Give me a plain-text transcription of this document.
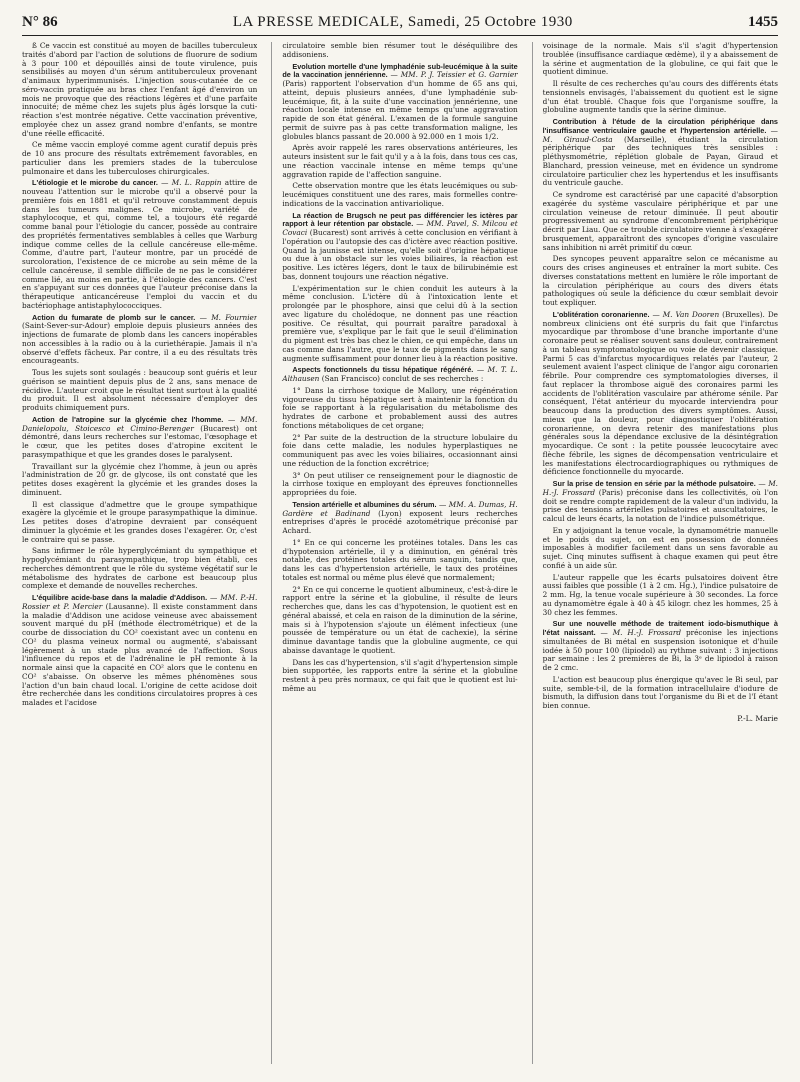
N° 86	LA PRESSE MEDICALE, Samedi, 25 Octobre 1930	1455

ß Ce vaccin est constitué au moyen de bacilles tuberculeux traités d'abord par l'action de solutions de fluorure de sodium à 3 pour 100 et dépouillés ainsi de toute virulence, puis sensibilisés au moyen d'un sérum antituberculeux provenant d'animaux hyperimmunisés. L'injection sous-cutanée de ce séro-vaccin pratiquée au bras chez l'enfant âgé d'environ un mois ne provoque que des réactions légères et d'une parfaite innocuité; de même chez les sujets plus âgés lorsque la cuti-réaction s'est montrée négative. Cette vaccination préventive, employée chez un assez grand nombre d'enfants, se montre d'une réelle efficacité.

Ce même vaccin employé comme agent curatif depuis près de 10 ans procure des résultats extrêmement favorables, en particulier dans les premiers stades de la tuberculose pulmonaire et dans les tuberculoses chirurgicales.

L'étiologie et le microbe du cancer. — M. L. Rappin attire de nouveau l'attention sur le microbe qu'il a observé pour la première fois en 1881 et qu'il retrouve constamment depuis dans les tumeurs malignes. Ce microbe, variété de staphylocoque, et qui, comme tel, a toujours été regardé comme banal pour l'étiologie du cancer, possède au contraire des propriétés fermentatives semblables à celles que Warburg indique comme celles de la cellule cancéreuse elle-même. Comme, d'autre part, l'auteur montre, par un procédé de surcoloration, l'existence de ce microbe au sein même de la cellule cancéreuse, il semble difficile de ne pas le considérer comme lié, au moins en partie, à l'étiologie des cancers. C'est en s'appuyant sur ces données que l'auteur préconise dans la thérapeutique anticancéreuse l'emploi du vaccin et du bactériophage antistaphylococciques.

Action du fumarate de plomb sur le cancer. — M. Fournier (Saint-Sever-sur-Adour) emploie depuis plusieurs années des injections de fumarate de plomb dans les cancers inopérables non accessibles à la radio ou à la curiethérapie. Jamais il n'a observé d'effets fâcheux. Par contre, il a eu des résultats très encourageants.

Tous les sujets sont soulagés : beaucoup sont guéris et leur guérison se maintient depuis plus de 2 ans, sans menace de récidive. L'auteur croit que le résultat tient surtout à la qualité du produit. Il est absolument nécessaire d'employer des produits chimiquement purs.

Action de l'atropine sur la glycémie chez l'homme. — MM. Danielopolu, Stoicesco et Cimino-Berenger (Bucarest) ont démontré, dans leurs recherches sur l'estomac, l'œsophage et le cœur, que les petites doses d'atropine excitent le parasympathique et que les grandes doses le paralysent.

Travaillant sur la glycémie chez l'homme, à jeun ou après l'administration de 20 gr. de glycose, ils ont constaté que les petites doses exagèrent la glycémie et les grandes doses la diminuent.

Il est classique d'admettre que le groupe sympathique exagère la glycémie et le groupe parasympathique la diminue. Les petites doses d'atropine devraient par conséquent diminuer la glycémie et les grandes doses l'exagérer. Or, c'est le contraire qui se passe.

Sans infirmer le rôle hyperglycémiant du sympathique et hypoglycémiant du parasympathique, trop bien établi, ces recherches démontrent que le rôle du système végétatif sur le métabolisme des hydrates de carbone est beaucoup plus complexe et demande de nouvelles recherches.

L'équilibre acide-base dans la maladie d'Addison. — MM. P.-H. Rossier et P. Mercier (Lausanne). Il existe constamment dans la maladie d'Addison une acidose veineuse avec abaissement souvent marqué du pH (méthode électrométrique) et de la courbe de dissociation du CO² coexistant avec un contenu en CO² du plasma veineux normal ou augmenté, s'abaissant légèrement à un stade plus avancé de l'affection. Sous l'influence du repos et de l'adrénaline le pH remonte à la normale ainsi que la capacité en CO² alors que le contenu en CO² s'abaisse. On observe les mêmes phénomènes sous l'action d'un bain chaud local. L'origine de cette acidose doit être recherchée dans les conditions circulatoires propres à ces malades et l'acidose

circulatoire semble bien résumer tout le déséquilibre des addisoniens.

Evolution mortelle d'une lymphadénie sub-leucémique à la suite de la vaccination jennérienne. — MM. P. J. Teissier et G. Garnier (Paris) rapportent l'observation d'un homme de 65 ans qui, atteint, depuis plusieurs années, d'une lymphadénie sub-leucémique, fit, à la suite d'une vaccination jennérienne, une réaction locale intense en même temps qu'une aggravation rapide de son état général. L'examen de la formule sanguine permit de suivre pas à pas cette transformation maligne, les globules blancs passant de 20.000 à 92.000 en 1 mois 1/2.

Après avoir rappelé les rares observations antérieures, les auteurs insistent sur le fait qu'il y a à la fois, dans tous ces cas, une réaction vaccinale intense en même temps qu'une aggravation rapide de l'affection sanguine.

Cette observation montre que les états leucémiques ou sub-leucémiques constituent une des rares, mais formelles contre-indications de la vaccination antivariolique.

La réaction de Brugsch ne peut pas différencier les ictères par rapport à leur rétention par obstacle. — MM. Pavel, S. Milcou et Covaci (Bucarest) sont arrivés à cette conclusion en vérifiant à l'opération ou l'autopsie des cas d'ictère avec réaction positive. Quand la jaunisse est intense, qu'elle soit d'origine hépatique ou due à un obstacle sur les voies biliaires, la réaction est positive. Les ictères légers, dont le taux de bilirubinémie est bas, donnent toujours une réaction négative.

L'expérimentation sur le chien conduit les auteurs à la même conclusion. L'ictère dû à l'intoxication lente et prolongée par le phosphore, ainsi que celui dû à la section avec ligature du cholédoque, ne donnent pas une réaction positive. Ce résultat, qui pourrait paraître paradoxal à première vue, s'explique par le fait que le seuil d'élimination du pigment est très bas chez le chien, ce qui empêche, dans un cas comme dans l'autre, que le taux de pigments dans le sang augmente suffisamment pour donner lieu à la réaction positive.

Aspects fonctionnels du tissu hépatique régénéré. — M. T. L. Althausen (San Francisco) conclut de ses recherches :

1° Dans la cirrhose toxique de Mallory, une régénération vigoureuse du tissu hépatique sert à maintenir la fonction du foie se rapportant à la régularisation du métabolisme des hydrates de carbone et probablement aussi des autres fonctions métaboliques de cet organe;

2° Par suite de la destruction de la structure lobulaire du foie dans cette maladie, les nodules hyperplastiques ne communiquent pas avec les voies biliaires, occasionnant ainsi une réduction de la fonction excrétrice;

3° On peut utiliser ce renseignement pour le diagnostic de la cirrhose toxique en employant des épreuves fonctionnelles appropriées du foie.

Tension artérielle et albumines du sérum. — MM. A. Dumas, H. Gardère et Badinand (Lyon) exposent leurs recherches entreprises d'après le procédé azotométrique préconisé par Achard.

1° En ce qui concerne les protéines totales. Dans les cas d'hypotension artérielle, il y a diminution, en général très notable, des protéines totales du sérum sanguin, tandis que, dans les cas d'hypertension artérielle, le taux des protéines totales est normal ou même plus élevé que normalement;

2° En ce qui concerne le quotient albumineux, c'est-à-dire le rapport entre la sérine et la globuline, il résulte de leurs recherches que, dans les cas d'hypotension, le quotient est en général abaissé, et cela en raison de la diminution de la sérine, mais si à l'hypotension s'ajoute un élément infectieux (une poussée de température ou un état de cachexie), la sérine diminue davantage tandis que la globuline augmente, ce qui abaisse davantage le quotient.

Dans les cas d'hypertension, s'il s'agit d'hypertension simple bien supportée, les rapports entre la sérine et la globuline restent à peu près normaux, ce qui fait que le quotient est lui-même au

voisinage de la normale. Mais s'il s'agit d'hypertension troublée (insuffisance cardiaque œdème), il y a abaissement de la sérine et augmentation de la globuline, ce qui fait que le quotient diminue.

Il résulte de ces recherches qu'au cours des différents états tensionnels envisagés, l'abaissement du quotient est le signe d'un état troublé. Chaque fois que l'organisme souffre, la globuline augmente tandis que la sérine diminue.

Contribution à l'étude de la circulation périphérique dans l'insuffisance ventriculaire gauche et l'hypertension artérielle. — M. Giraud-Costa (Marseille), étudiant la circulation périphérique par des techniques très sensibles : pléthysmométrie, réplétion globale de Payan, Giraud et Blanchard, pression veineuse, met en évidence un syndrome circulatoire particulier chez les hypertendus et les insuffisants du ventricule gauche.

Ce syndrome est caractérisé par une capacité d'absorption exagérée du système vasculaire périphérique et par une circulation veineuse de retour diminuée. Il peut aboutir progressivement au syndrome d'encombrement périphérique décrit par Liau. Que ce trouble circulatoire vienne à s'exagérer brusquement, apparaîtront des syncopes d'origine vasculaire sans inhibition ni arrêt primitif du cœur.

Des syncopes peuvent apparaître selon ce mécanisme au cours des crises angineuses et entraîner la mort subite. Ces diverses constatations mettent en lumière le rôle important de la circulation périphérique au cours des divers états pathologiques où seule la déficience du cœur semblait devoir tout expliquer.

L'oblitération coronarienne. — M. Van Dooren (Bruxelles). De nombreux cliniciens ont été surpris du fait que l'infarctus myocardique par thrombose d'une branche importante d'une coronaire peut se réaliser souvent sans douleur, contrairement à un tableau symptomatologique ou voie de devenir classique. Parmi 5 cas d'infarctus myocardiques relatés par l'auteur, 2 seulement avaient l'aspect clinique de l'angor aigu coronarien fébrile. Pour comprendre ces symptomatologies diverses, il faut replacer la thrombose aiguë des coronaires parmi les accidents de l'oblitération vasculaire par athérome sénile. Par conséquent, l'état antérieur du myocarde interviendra pour beaucoup dans la production des divers symptômes. Aussi, mieux que la douleur, pour diagnostiquer l'oblitération coronarienne, on devra retenir des manifestations plus générales sous la dépendance exclusive de la désintégration myocardique. Ce sont : la petite poussée leucocytaire avec flèche fébrile, les signes de décompensation ventriculaire et les manifestations électrocardiographiques ou rythmiques de déficience fonctionnelle du myocarde.

Sur la prise de tension en série par la méthode pulsatoire. — M. H.-J. Frossard (Paris) préconise dans les collectivités, où l'on doit se rendre compte rapidement de la valeur d'un individu, la prise des tensions artérielles pulsatoires et auscultatoires, le calcul de leurs écarts, la notation de l'indice pulsométrique.

En y adjoignant la tenue vocale, la dynamométrie manuelle et le poids du sujet, on est en possession de données imposables à modifier facilement dans un sens favorable au sujet. Cinq minutes suffisent à chaque examen qui peut être confié à un aide sûr.

L'auteur rappelle que les écarts pulsatoires doivent être aussi faibles que possible (1 à 2 cm. Hg.), l'indice pulsatoire de 2 mm. Hg, la tenue vocale supérieure à 30 secondes. La force au dynamomètre égale à 40 à 45 kilogr. chez les hommes, 25 à 30 chez les femmes.

Sur une nouvelle méthode de traitement iodo-bismuthique à l'état naissant. — M. H.-J. Frossard préconise les injections simultanées de Bi métal en suspension isotonique et d'huile iodée à 50 pour 100 (lipiodol) au rythme suivant : 3 injections par semaine : les 2 premières de Bi, la 3ᵉ de lipiodol à raison de 2 cmc.

L'action est beaucoup plus énergique qu'avec le Bi seul, par suite, semble-t-il, de la formation intracellulaire d'iodure de bismuth, la diffusion dans tout l'organisme du Bi et de l'I étant bien connue.

P.-L. Marie
